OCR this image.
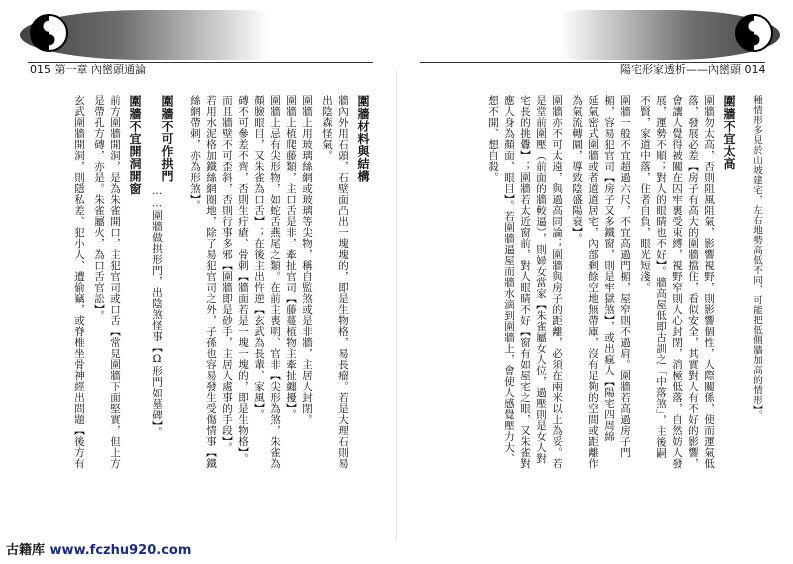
015 第一章 內巒頭通論	陽宅形家透析——內巒頭 014
種情形多見於山坡建宅，左右地勢高低不同，可能把低側牆加高的情形】。
圍牆不宜太高
圍牆勿太高，否則阻風阻氣，影響視野，則影響個性，人際關係，使而運氣低
落，發展必差【房子有高大的圍牆擋住，看似安全，其實對人有不好的影響，
會讓人覺得被關在囚牢裏受束縛，視野窄則人心封閉，消極低落，自然妨人發
展，運勢不順；對人的眼睛也不好】。牆高屋低即古訓之「中落煞」，主後嗣
不賢，家道中落，住者自負，眼光短淺。
圍牆一般不宜超過六尺，不宜高過門楣，屋窄則不過肩。圍牆若高過房子門
楣，容易犯官司【房子又多鐵窗，則是牢獄煞】，或出瘋人【陽宅四周綿
延氣密式圍牆或者道道居宅，內部剩餘空地無帶庫，沒有足夠的空間或距離作
為氣流轉圜，導致陰盛陽衰】。
圍牆亦不可太遠，與過高同論；圍牆與房子的距離，必須在兩米以上為妥。若
是堂前圍壓（前面的牆較逼），則婦女當家【朱雀屬女人位，過壓則是女人對
宅長的挑釁】；圍牆若太近窗前，對人眼睛不好【窗有如屋宅之眼，又朱雀對
應人身為顏面、眼目】。若圍牆逼屋而牆水滴到圍牆上，會使人感覺壓力大、
想不開、想自殺。
圍牆材料與結構
牆內外用石頭，石壁面凸出一塊塊的，即是生物格，易長瘤。若是大理石則易
出陰森怪氣。
圍牆上用玻璃絲網或玻璃等尖物，稱自監煞或是非牆，主居人封閉。
圍牆上植爬藤類，主口舌是非，牽扯官司【藤蔓植物主牽扯纏擾】。
圍牆上忌有尖形物，如蛇舌燕尾之類。在前主喪明、官非【尖形為煞，朱雀為
顏臉眼目，又朱雀為口舌】；在後主出忤逆【玄武為長輩、家風】。
磚不可參差不齊，否則生疔瘡、骨刺【牆面若是一塊一塊的，即是生物格】。
而且牆壁不可歪斜，否則行事多邪【圍牆即是砂手，主居人處事的手段】。
若用水泥格加鐵絲網圈地，除了易犯官司之外，子孫也容易發生受傷情事【鐵
絲網帶刺，亦為形煞】。
圍牆不可作拱門
……圍牆做拱形門，出陰煞怪事【Ω形門如墓碑】。
圍牆不宜開洞開窗
前方圍牆開洞，是為朱雀開口，主犯官司或口舌【常見圍牆下面堅實，但上方
是帶孔方磚，亦是。朱雀屬火，為口舌官訟】。
玄武圍牆開洞，則隱私差、犯小人、遭偷竊，或脊椎坐骨神經出問題【後方有
古籍库 www.fczhu920.com
